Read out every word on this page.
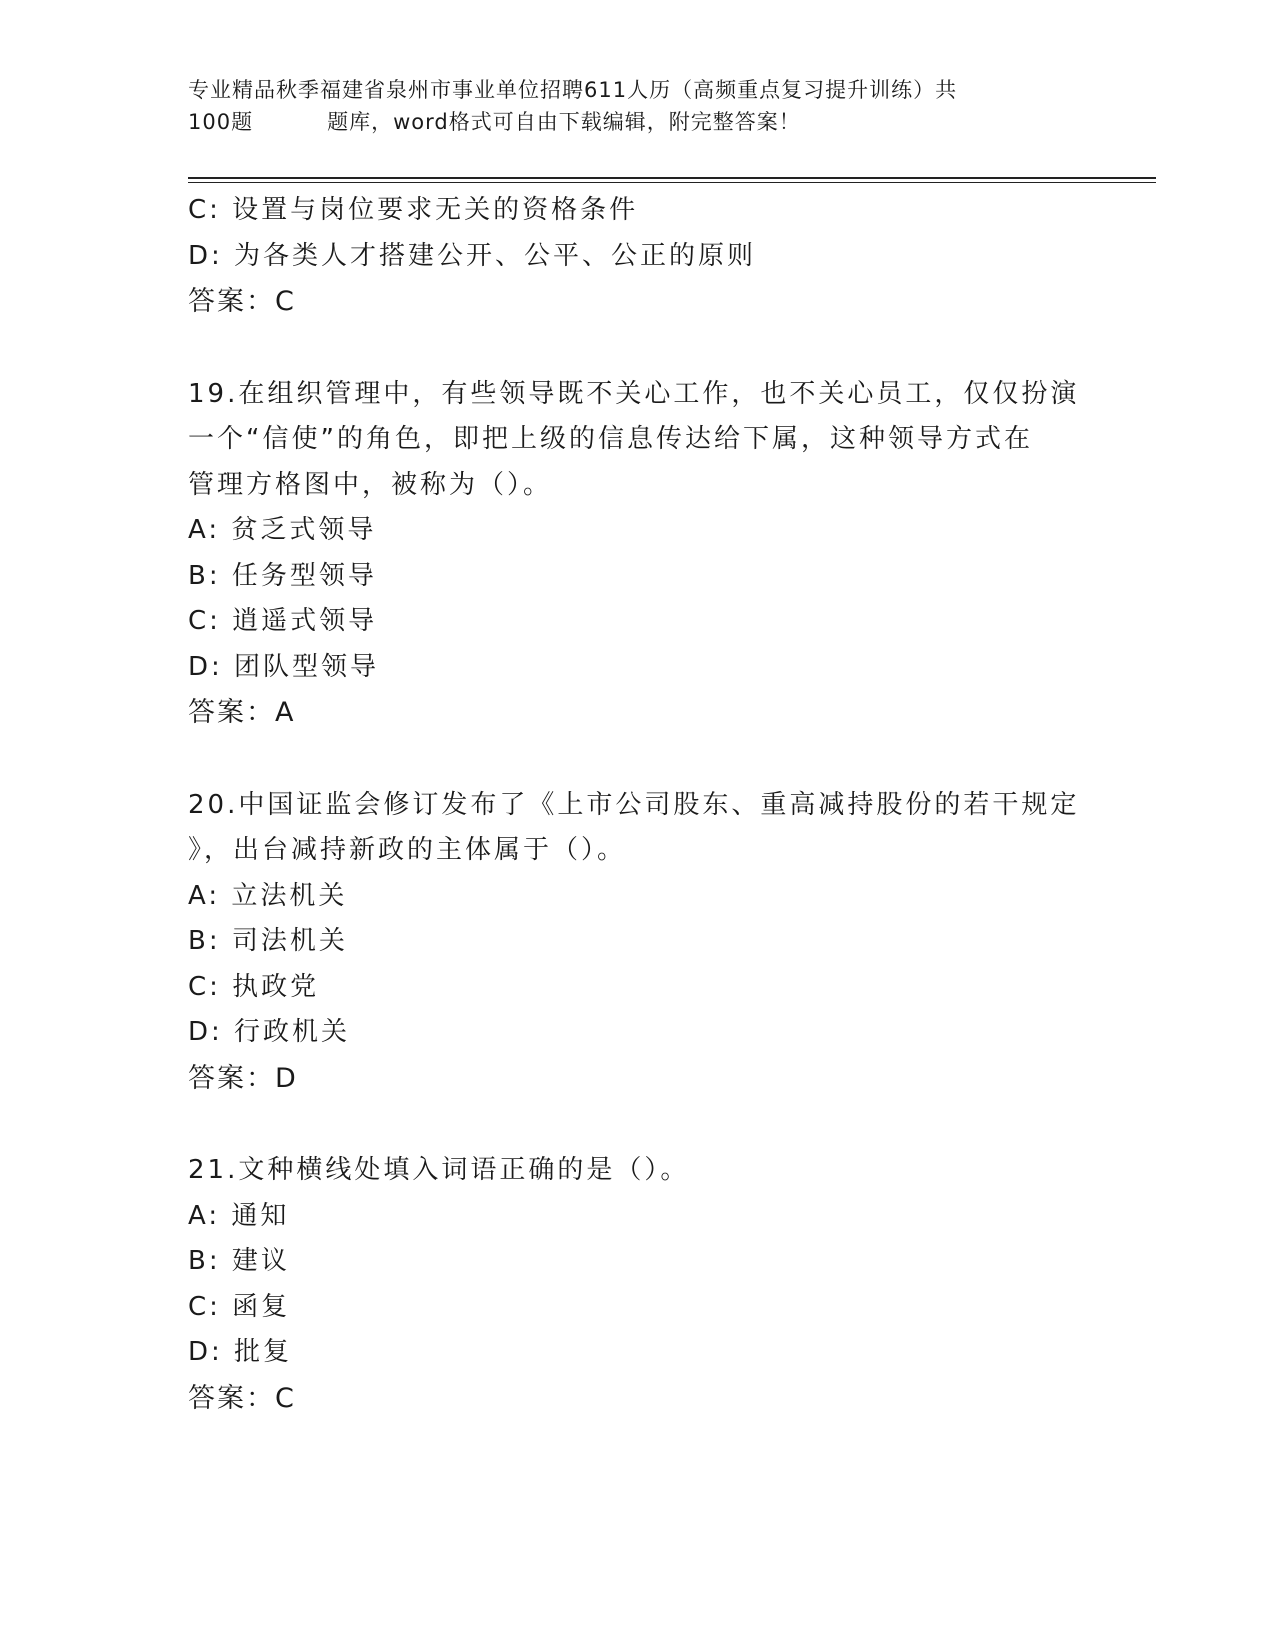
专业精品秋季福建省泉州市事业单位招聘611人历（高频重点复习提升训练）共
100题	题库，word格式可自由下载编辑，附完整答案！
C: 设置与岗位要求无关的资格条件
D: 为各类人才搭建公开、公平、公正的原则
答案：C
19.在组织管理中，有些领导既不关心工作，也不关心员工，仅仅扮演
一个“信使”的角色，即把上级的信息传达给下属，这种领导方式在
管理方格图中，被称为（）。
A: 贫乏式领导
B: 任务型领导
C: 逍遥式领导
D: 团队型领导
答案：A
20.中国证监会修订发布了《上市公司股东、重高减持股份的若干规定
》，出台减持新政的主体属于（）。
A: 立法机关
B: 司法机关
C: 执政党
D: 行政机关
答案：D
21.文种横线处填入词语正确的是（）。
A: 通知
B: 建议
C: 函复
D: 批复
答案：C
